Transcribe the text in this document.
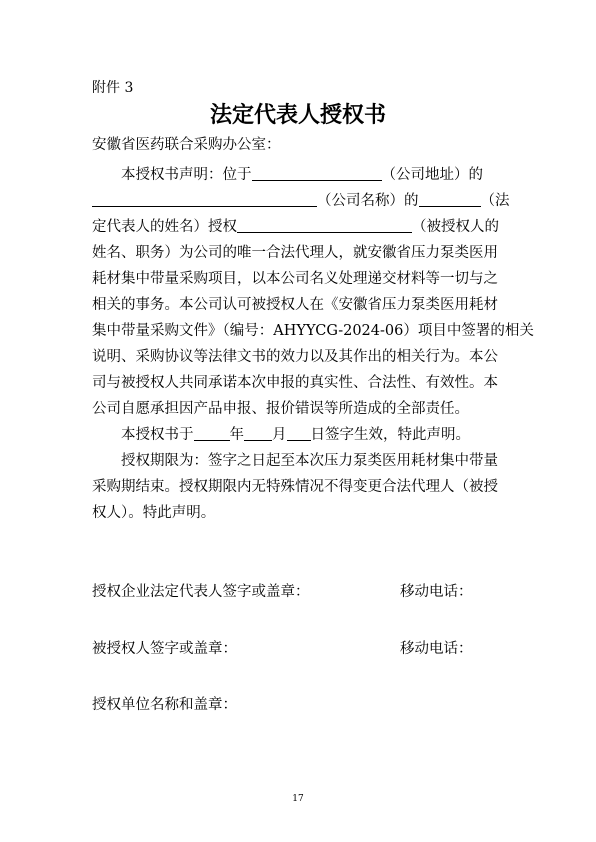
附件 3
法定代表人授权书
安徽省医药联合采购办公室：

本授权书声明：位于	（公司地址）的
（公司名称）的	（法
定代表人的姓名）授权	（被授权人的
姓名、职务）为公司的唯一合法代理人，就安徽省压力泵类医用
耗材集中带量采购项目，以本公司名义处理递交材料等一切与之
相关的事务。本公司认可被授权人在《安徽省压力泵类医用耗材
集中带量采购文件》（编号：AHYYCG-2024-06）项目中签署的相关
说明、采购协议等法律文书的效力以及其作出的相关行为。本公
司与被授权人共同承诺本次申报的真实性、合法性、有效性。本
公司自愿承担因产品申报、报价错误等所造成的全部责任。

本授权书于 年 月 日签字生效，特此声明。

授权期限为：签字之日起至本次压力泵类医用耗材集中带量
采购期结束。授权期限内无特殊情况不得变更合法代理人（被授
权人）。特此声明。

授权企业法定代表人签字或盖章：	移动电话：
被授权人签字或盖章：	移动电话：
授权单位名称和盖章：
17
